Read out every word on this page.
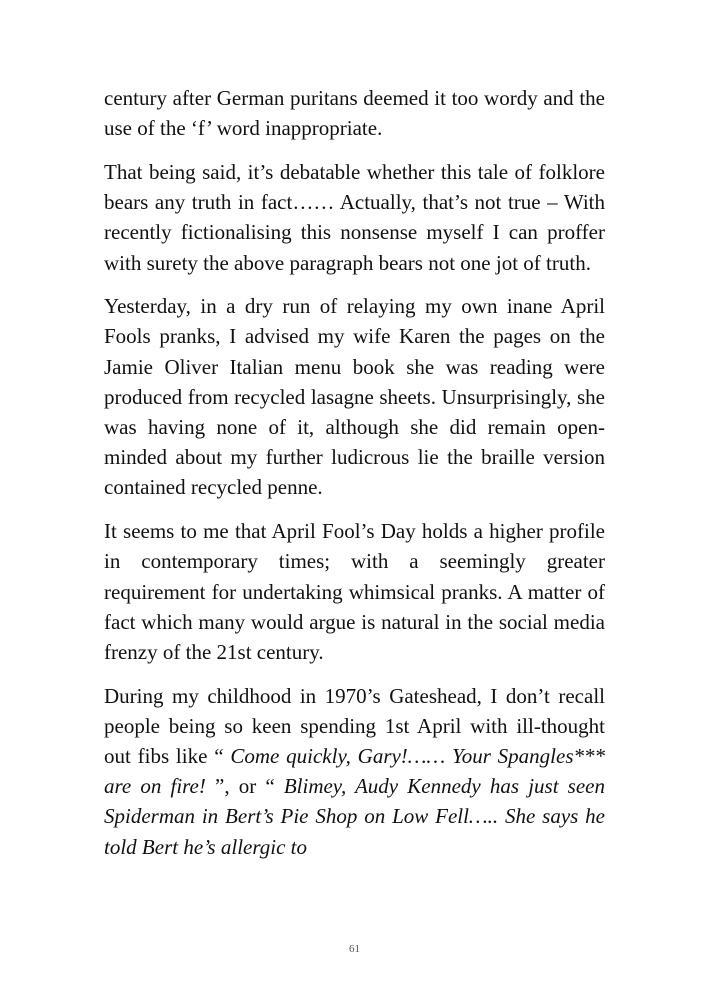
century after German puritans deemed it too wordy and the use of the ‘f’ word inappropriate.

That being said, it’s debatable whether this tale of folklore bears any truth in fact…… Actually, that’s not true – With recently fictionalising this nonsense myself I can proffer with surety the above paragraph bears not one jot of truth.

Yesterday, in a dry run of relaying my own inane April Fools pranks, I advised my wife Karen the pages on the Jamie Oliver Italian menu book she was reading were produced from recycled lasagne sheets. Unsurprisingly, she was having none of it, although she did remain open-minded about my further ludicrous lie the braille version contained recycled penne.

It seems to me that April Fool’s Day holds a higher profile in contemporary times; with a seemingly greater requirement for undertaking whimsical pranks. A matter of fact which many would argue is natural in the social media frenzy of the 21st century.

During my childhood in 1970’s Gateshead, I don’t recall people being so keen spending 1st April with ill-thought out fibs like “ Come quickly, Gary!…… Your Spangles*** are on fire! ”, or “ Blimey, Audy Kennedy has just seen Spiderman in Bert’s Pie Shop on Low Fell….. She says he told Bert he’s allergic to

61
